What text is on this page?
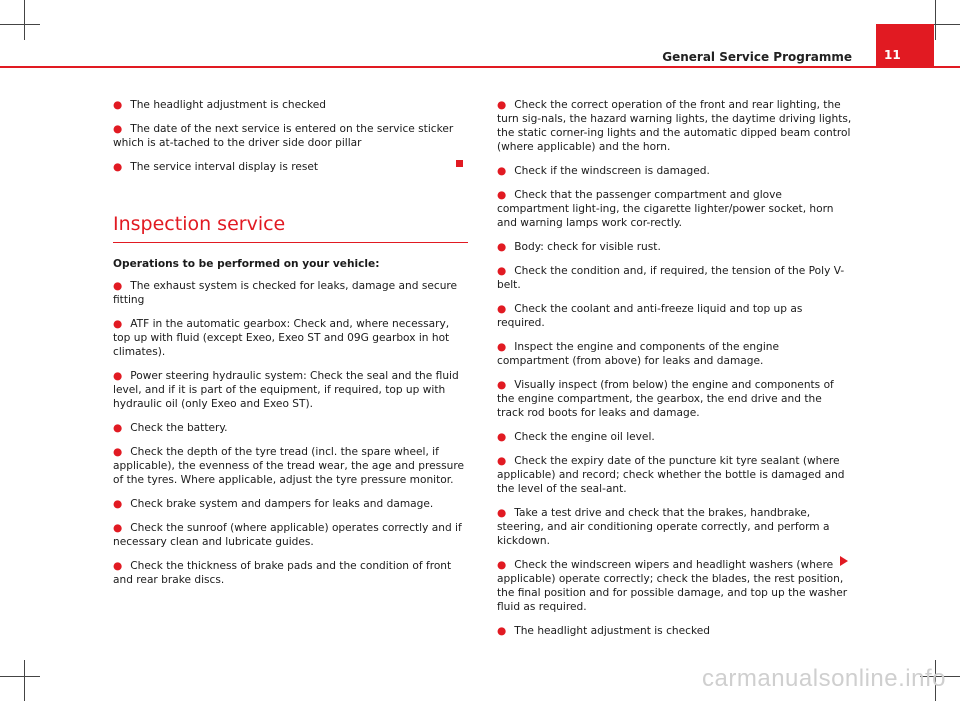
General Service Programme	11
● The headlight adjustment is checked
● The date of the next service is entered on the service sticker which is at-tached to the driver side door pillar
● The service interval display is reset
Inspection service
Operations to be performed on your vehicle:
● The exhaust system is checked for leaks, damage and secure fitting
● ATF in the automatic gearbox: Check and, where necessary, top up with fluid (except Exeo, Exeo ST and 09G gearbox in hot climates).
● Power steering hydraulic system: Check the seal and the fluid level, and if it is part of the equipment, if required, top up with hydraulic oil (only Exeo and Exeo ST).
● Check the battery.
● Check the depth of the tyre tread (incl. the spare wheel, if applicable), the evenness of the tread wear, the age and pressure of the tyres. Where applicable, adjust the tyre pressure monitor.
● Check brake system and dampers for leaks and damage.
● Check the sunroof (where applicable) operates correctly and if necessary clean and lubricate guides.
● Check the thickness of brake pads and the condition of front and rear brake discs.
● Check the correct operation of the front and rear lighting, the turn sig-nals, the hazard warning lights, the daytime driving lights, the static corner-ing lights and the automatic dipped beam control (where applicable) and the horn.
● Check if the windscreen is damaged.
● Check that the passenger compartment and glove compartment light-ing, the cigarette lighter/power socket, horn and warning lamps work cor-rectly.
● Body: check for visible rust.
● Check the condition and, if required, the tension of the Poly V-belt.
● Check the coolant and anti-freeze liquid and top up as required.
● Inspect the engine and components of the engine compartment (from above) for leaks and damage.
● Visually inspect (from below) the engine and components of the engine compartment, the gearbox, the end drive and the track rod boots for leaks and damage.
● Check the engine oil level.
● Check the expiry date of the puncture kit tyre sealant (where applicable) and record; check whether the bottle is damaged and the level of the seal-ant.
● Take a test drive and check that the brakes, handbrake, steering, and air conditioning operate correctly, and perform a kickdown.
● Check the windscreen wipers and headlight washers (where applicable) operate correctly; check the blades, the rest position, the final position and for possible damage, and top up the washer fluid as required.
● The headlight adjustment is checked
carmanualsonline.info
